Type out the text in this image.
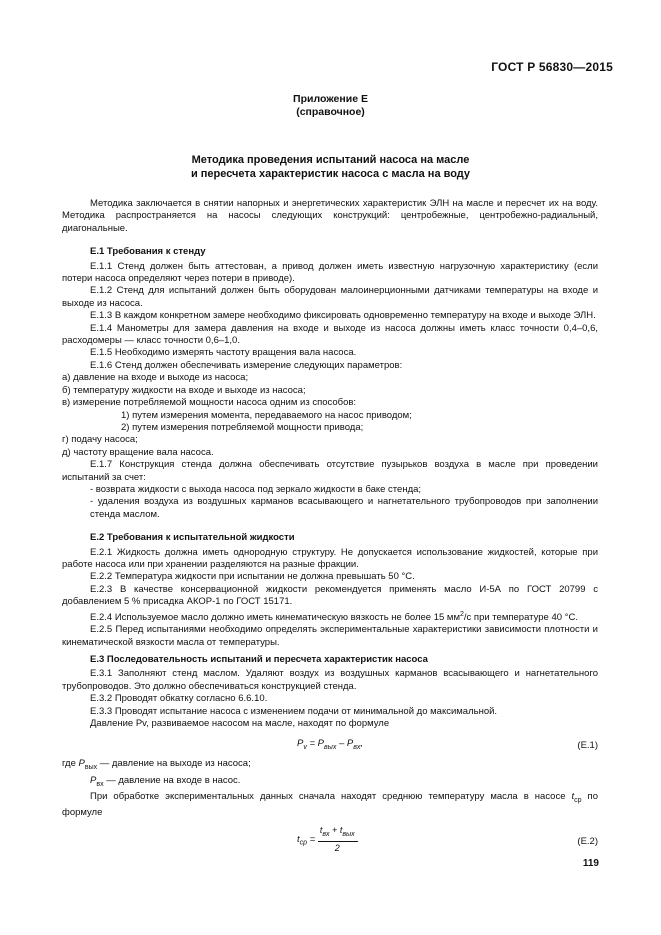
ГОСТ Р 56830—2015
Приложение Е
(справочное)
Методика проведения испытаний насоса на масле
и пересчета характеристик насоса с масла на воду

Методика заключается в снятии напорных и энергетических характеристик ЭЛН на масле и пересчет их на воду. Методика распространяется на насосы следующих конструкций: центробежные, центробежно-радиальный, диагональные.

Е.1 Требования к стенду

Е.1.1 Стенд должен быть аттестован, а привод должен иметь известную нагрузочную характеристику (если потери насоса определяют через потери в приводе).

Е.1.2 Стенд для испытаний должен быть оборудован малоинерционными датчиками температуры на входе и выходе из насоса.

Е.1.3 В каждом конкретном замере необходимо фиксировать одновременно температуру на входе и выходе ЭЛН.

Е.1.4 Манометры для замера давления на входе и выходе из насоса должны иметь класс точности 0,4–0,6, расходомеры — класс точности 0,6–1,0.

Е.1.5 Необходимо измерять частоту вращения вала насоса.

Е.1.6 Стенд должен обеспечивать измерение следующих параметров:

а) давление на входе и выходе из насоса;

б) температуру жидкости на входе и выходе из насоса;

в) измерение потребляемой мощности насоса одним из способов:

1) путем измерения момента, передаваемого на насос приводом;

2) путем измерения потребляемой мощности привода;

г) подачу насоса;

д) частоту вращение вала насоса.

Е.1.7 Конструкция стенда должна обеспечивать отсутствие пузырьков воздуха в масле при проведении испытаний за счет:

- возврата жидкости с выхода насоса под зеркало жидкости в баке стенда;

- удаления воздуха из воздушных карманов всасывающего и нагнетательного трубопроводов при заполнении стенда маслом.

Е.2 Требования к испытательной жидкости

Е.2.1 Жидкость должна иметь однородную структуру. Не допускается использование жидкостей, которые при работе насоса или при хранении разделяются на разные фракции.

Е.2.2 Температура жидкости при испытании не должна превышать 50 °С.

Е.2.3 В качестве консервационной жидкости рекомендуется применять масло И-5А по ГОСТ 20799 с добавлением 5 % присадка АКОР-1 по ГОСТ 15171.

Е.2.4 Используемое масло должно иметь кинематическую вязкость не более 15 $мм^2/с$ при температуре 40 °С.

Е.2.5 Перед испытаниями необходимо определять экспериментальные характеристики зависимости плотности и кинематической вязкости масла от температуры.

Е.3 Последовательность испытаний и пересчета характеристик насоса

Е.3.1 Заполняют стенд маслом. Удаляют воздух из воздушных карманов всасывающего и нагнетательного трубопроводов. Это должно обеспечиваться конструкцией стенда.

Е.3.2 Проводят обкатку согласно 6.6.10.

Е.3.3 Проводят испытание насоса с изменением подачи от минимальной до максимальной.

Давление Pv, развиваемое насосом на масле, находят по формуле

$P_v = P_{вых} - P_{вх}$,	(Е.1)

где $P_{вых}$ — давление на выходе из насоса;

$P_{вх}$ — давление на входе в насос.

При обработке экспериментальных данных сначала находят среднюю температуру масла в насосе $t_{ср}$ по формуле

$t_{ср} = \frac{t_{вх} + t_{вых}}{2}$ .	(Е.2)
119
